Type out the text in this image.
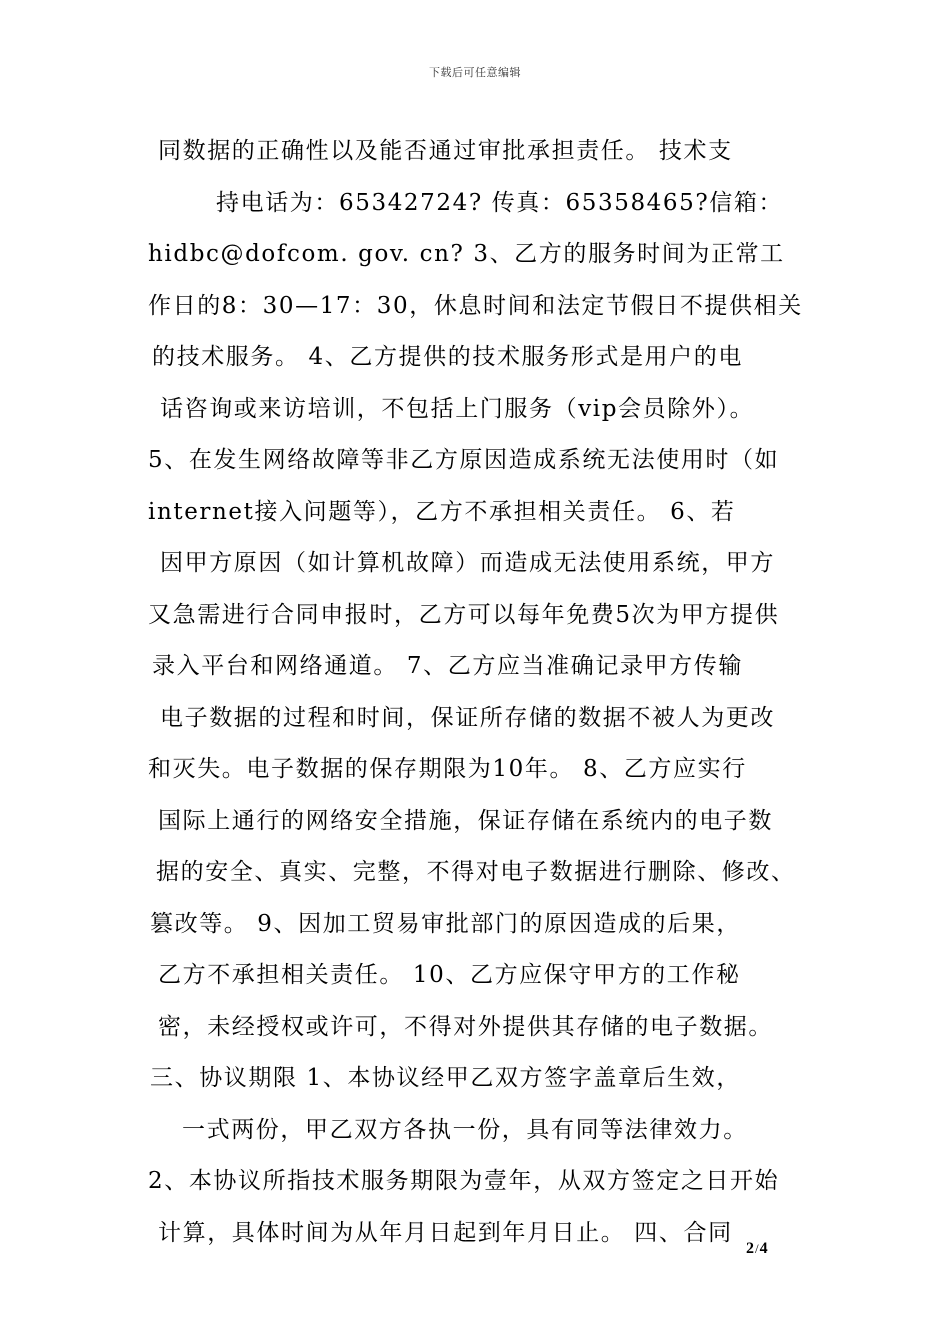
下载后可任意编辑
同数据的正确性以及能否通过审批承担责任。 技术支
持电话为：65342724? 传真：65358465?信箱：
hidbc@dofcom. gov. cn? 3、乙方的服务时间为正常工
作日的8：30—17：30，休息时间和法定节假日不提供相关
的技术服务。 4、乙方提供的技术服务形式是用户的电
话咨询或来访培训，不包括上门服务（vip会员除外）。
5、在发生网络故障等非乙方原因造成系统无法使用时（如
internet接入问题等），乙方不承担相关责任。 6、若
因甲方原因（如计算机故障）而造成无法使用系统，甲方
又急需进行合同申报时，乙方可以每年免费5次为甲方提供
录入平台和网络通道。 7、乙方应当准确记录甲方传输
电子数据的过程和时间，保证所存储的数据不被人为更改
和灭失。电子数据的保存期限为10年。 8、乙方应实行
国际上通行的网络安全措施，保证存储在系统内的电子数
据的安全、真实、完整，不得对电子数据进行删除、修改、
篡改等。 9、因加工贸易审批部门的原因造成的后果，
乙方不承担相关责任。 10、乙方应保守甲方的工作秘
密，未经授权或许可，不得对外提供其存储的电子数据。
三、协议期限 1、本协议经甲乙双方签字盖章后生效，
一式两份，甲乙双方各执一份，具有同等法律效力。
2、本协议所指技术服务期限为壹年，从双方签定之日开始
计算，具体时间为从年月日起到年月日止。 四、合同
2/4
